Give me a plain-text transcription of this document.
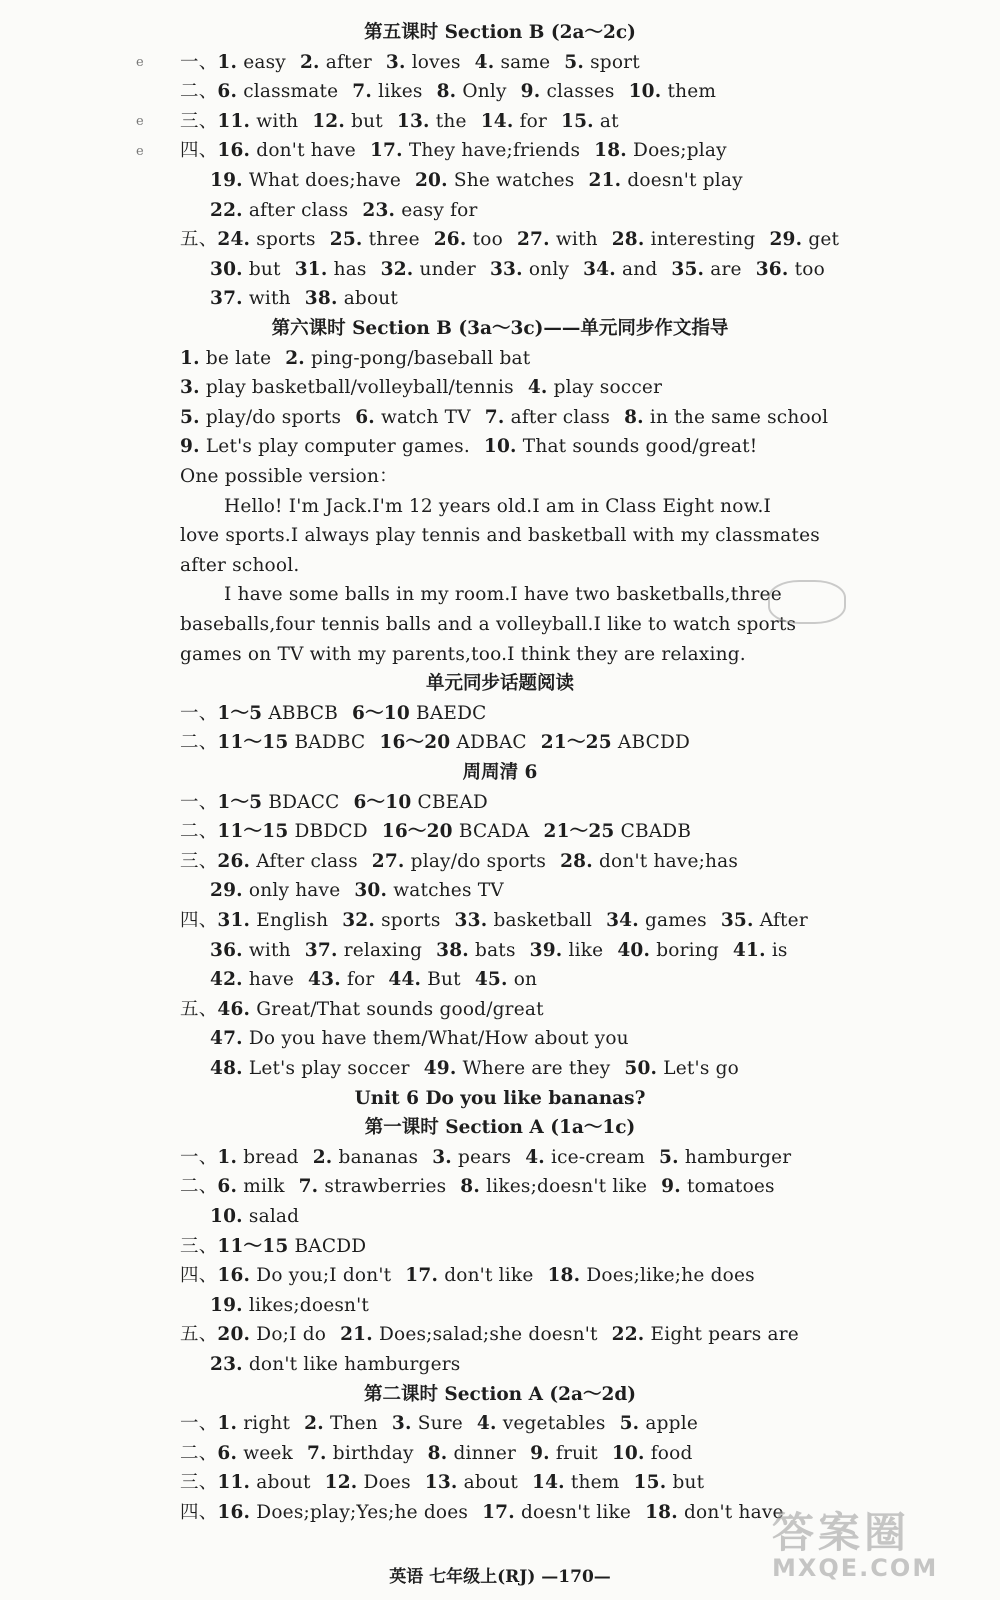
第五课时 Section B (2a～2c)
一、1. easy 2. after 3. loves 4. same 5. sport
二、6. classmate 7. likes 8. Only 9. classes 10. them
三、11. with 12. but 13. the 14. for 15. at
四、16. don't have 17. They have;friends 18. Does;play
19. What does;have 20. She watches 21. doesn't play
22. after class 23. easy for
五、24. sports 25. three 26. too 27. with 28. interesting 29. get
30. but 31. has 32. under 33. only 34. and 35. are 36. too
37. with 38. about
第六课时 Section B (3a～3c)——单元同步作文指导
1. be late 2. ping-pong/baseball bat
3. play basketball/volleyball/tennis 4. play soccer
5. play/do sports 6. watch TV 7. after class 8. in the same school
9. Let's play computer games. 10. That sounds good/great!
One possible version：
Hello! I'm Jack.I'm 12 years old.I am in Class Eight now.I
love sports.I always play tennis and basketball with my classmates
after school.
I have some balls in my room.I have two basketballs,three
baseballs,four tennis balls and a volleyball.I like to watch sports
games on TV with my parents,too.I think they are relaxing.
单元同步话题阅读
一、1～5 ABBCB 6～10 BAEDC
二、11～15 BADBC 16～20 ADBAC 21～25 ABCDD
周周清 6
一、1～5 BDACC 6～10 CBEAD
二、11～15 DBDCD 16～20 BCADA 21～25 CBADB
三、26. After class 27. play/do sports 28. don't have;has
29. only have 30. watches TV
四、31. English 32. sports 33. basketball 34. games 35. After
36. with 37. relaxing 38. bats 39. like 40. boring 41. is
42. have 43. for 44. But 45. on
五、46. Great/That sounds good/great
47. Do you have them/What/How about you
48. Let's play soccer 49. Where are they 50. Let's go
Unit 6 Do you like bananas?
第一课时 Section A (1a～1c)
一、1. bread 2. bananas 3. pears 4. ice-cream 5. hamburger
二、6. milk 7. strawberries 8. likes;doesn't like 9. tomatoes
10. salad
三、11～15 BACDD
四、16. Do you;I don't 17. don't like 18. Does;like;he does
19. likes;doesn't
五、20. Do;I do 21. Does;salad;she doesn't 22. Eight pears are
23. don't like hamburgers
第二课时 Section A (2a～2d)
一、1. right 2. Then 3. Sure 4. vegetables 5. apple
二、6. week 7. birthday 8. dinner 9. fruit 10. food
三、11. about 12. Does 13. about 14. them 15. but
四、16. Does;play;Yes;he does 17. doesn't like 18. don't have
e
e
e
英语 七年级上(RJ) —170—
答案圈
MXQE.COM
